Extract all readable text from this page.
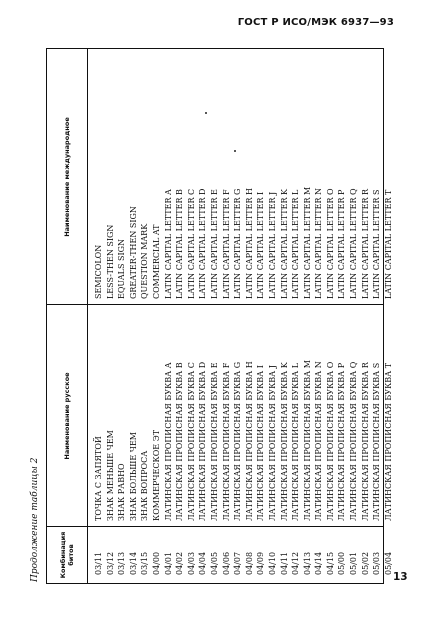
ГОСТ Р ИСО/МЭК 6937—93
Продолжение таблицы 2	Комбинация битов
Наименование русское
Наименование международное
03/11
ТОЧКА С ЗАПЯТОЙ
SEMICOLON
03/12
ЗНАК МЕНЬШЕ ЧЕМ
LESS-THEN SIGN
03/13
ЗНАК РАВНО
EQUALS SIGN
03/14
ЗНАК БОЛЬШЕ ЧЕМ
GREATER-THEN SIGN
03/15
ЗНАК ВОПРОСА
QUESTION MARK
04/00
КОММЕРЧЕСКОЕ ЭТ
COMMERCIAL AT
04/01
ЛАТИНСКАЯ ПРОПИСНАЯ БУКВА A
LATIN CAPITAL LETTER A
04/02
ЛАТИНСКАЯ ПРОПИСНАЯ БУКВА B
LATIN CAPITAL LETTER B
04/03
ЛАТИНСКАЯ ПРОПИСНАЯ БУКВА C
LATIN CAPITAL LETTER C
04/04
ЛАТИНСКАЯ ПРОПИСНАЯ БУКВА D
LATIN CAPITAL LETTER D
04/05
ЛАТИНСКАЯ ПРОПИСНАЯ БУКВА E
LATIN CAPITAL LETTER E
04/06
ЛАТИНСКАЯ ПРОПИСНАЯ БУКВА F
LATIN CAPITAL LETTER F
04/07
ЛАТИНСКАЯ ПРОПИСНАЯ БУКВА G
LATIN CAPITAL LETTER G
04/08
ЛАТИНСКАЯ ПРОПИСНАЯ БУКВА H
LATIN CAPITAL LETTER H
04/09
ЛАТИНСКАЯ ПРОПИСНАЯ БУКВА I
LATIN CAPITAL LETTER I
04/10
ЛАТИНСКАЯ ПРОПИСНАЯ БУКВА J
LATIN CAPITAL LETTER J
04/11
ЛАТИНСКАЯ ПРОПИСНАЯ БУКВА K
LATIN CAPITAL LETTER K
04/12
ЛАТИНСКАЯ ПРОПИСНАЯ БУКВА L
LATIN CAPITAL LETTER L
04/13
ЛАТИНСКАЯ ПРОПИСНАЯ БУКВА M
LATIN CAPITAL LETTER M
04/14
ЛАТИНСКАЯ ПРОПИСНАЯ БУКВА N
LATIN CAPITAL LETTER N
04/15
ЛАТИНСКАЯ ПРОПИСНАЯ БУКВА O
LATIN CAPITAL LETTER O
05/00
ЛАТИНСКАЯ ПРОПИСНАЯ БУКВА P
LATIN CAPITAL LETTER P
05/01
ЛАТИНСКАЯ ПРОПИСНАЯ БУКВА Q
LATIN CAPITAL LETTER Q
05/02
ЛАТИНСКАЯ ПРОПИСНАЯ БУКВА R
LATIN CAPITAL LETTER R
05/03
ЛАТИНСКАЯ ПРОПИСНАЯ БУКВА S
LATIN CAPITAL LETTER S
05/04
ЛАТИНСКАЯ ПРОПИСНАЯ БУКВА T
LATIN CAPITAL LETTER T
13
